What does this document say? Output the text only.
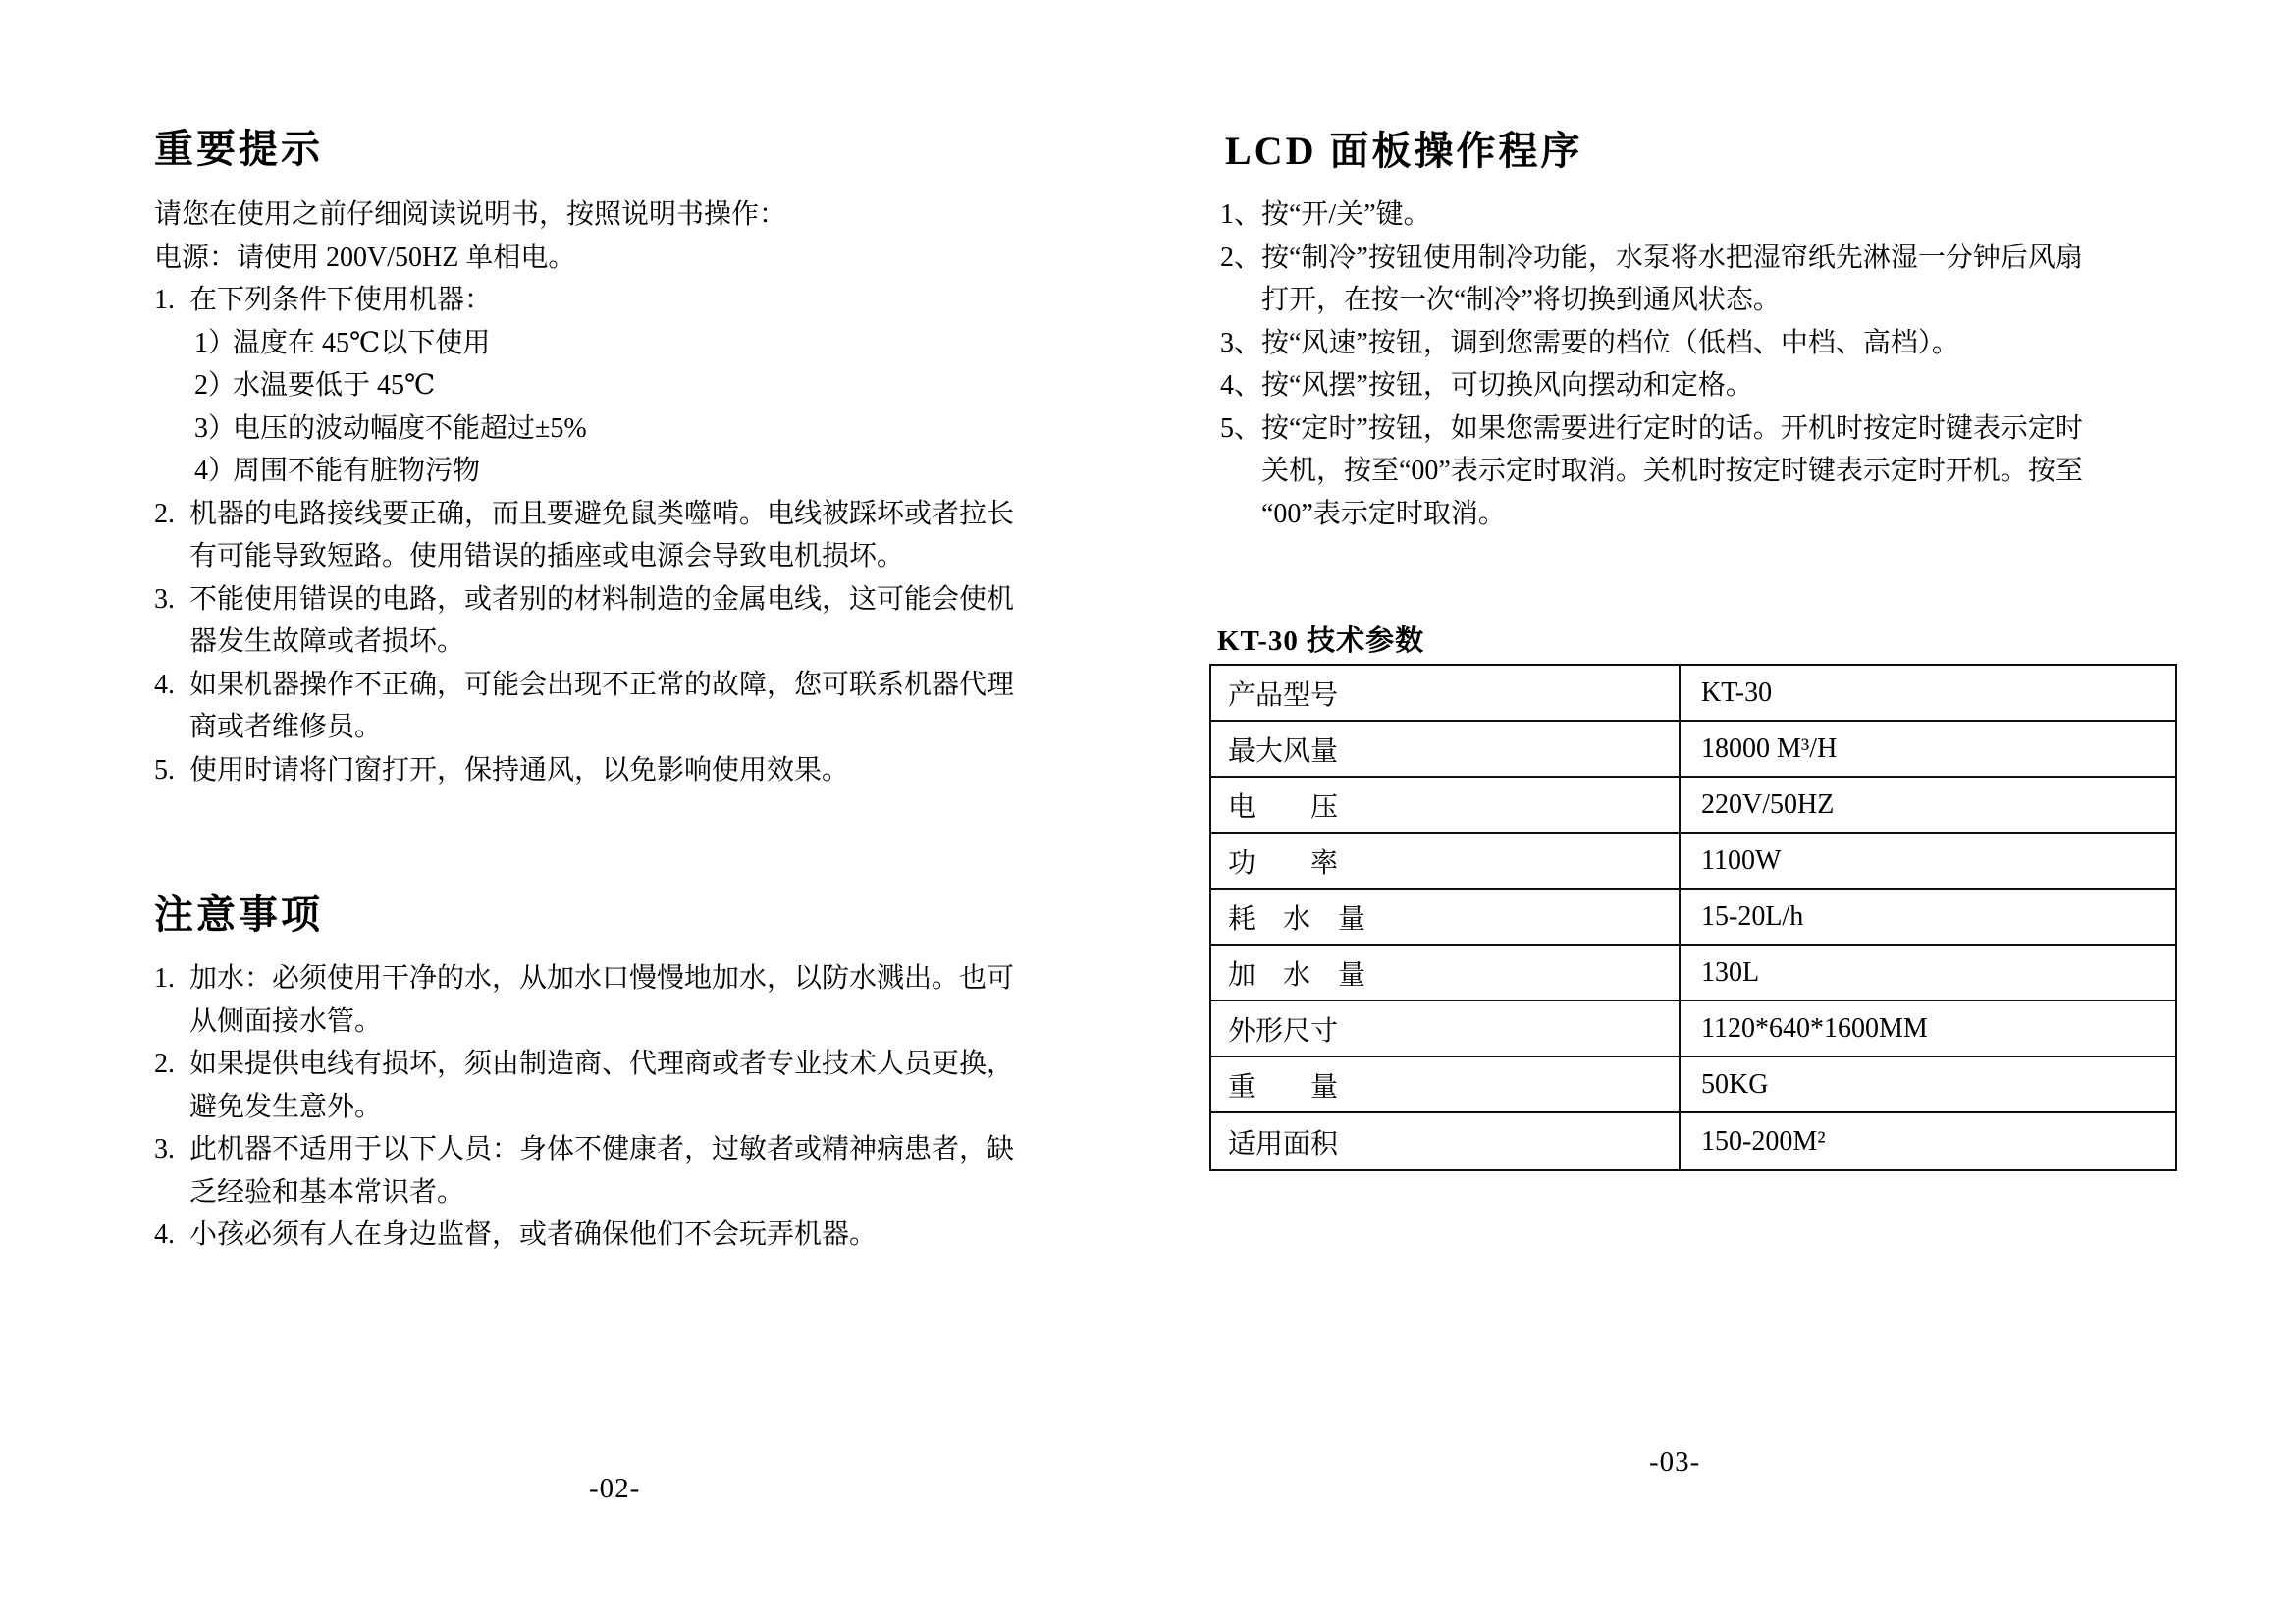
重要提示
请您在使用之前仔细阅读说明书，按照说明书操作：
电源：请使用 200V/50HZ 单相电。
1. 在下列条件下使用机器：
1）
温度在 45℃以下使用
2）
水温要低于 45℃
3）
电压的波动幅度不能超过±5%
4）
周围不能有脏物污物
2. 机器的电路接线要正确，而且要避免鼠类噬啃。电线被踩坏或者拉长
有可能导致短路。使用错误的插座或电源会导致电机损坏。
3. 不能使用错误的电路，或者别的材料制造的金属电线，这可能会使机
器发生故障或者损坏。
4. 如果机器操作不正确，可能会出现不正常的故障，您可联系机器代理
商或者维修员。
5. 使用时请将门窗打开，保持通风，以免影响使用效果。
注意事项
1. 加水：必须使用干净的水，从加水口慢慢地加水，以防水溅出。也可
从侧面接水管。
2. 如果提供电线有损坏，须由制造商、代理商或者专业技术人员更换，
避免发生意外。
3. 此机器不适用于以下人员：身体不健康者，过敏者或精神病患者，缺
乏经验和基本常识者。
4. 小孩必须有人在身边监督，或者确保他们不会玩弄机器。
-02-
LCD 面板操作程序
1、 按“开/关”键。
2、 按“制冷”按钮使用制冷功能，水泵将水把湿帘纸先淋湿一分钟后风扇
打开，在按一次“制冷”将切换到通风状态。
3、 按“风速”按钮，调到您需要的档位（低档、中档、高档）。
4、 按“风摆”按钮，可切换风向摆动和定格。
5、 按“定时”按钮，如果您需要进行定时的话。开机时按定时键表示定时
关机，按至“00”表示定时取消。关机时按定时键表示定时开机。按至
“00”表示定时取消。
KT-30 技术参数
产品型号	KT-30
最大风量	18000 M³/H
电　　压	220V/50HZ
功　　率	1100W
耗　水　量	15-20L/h
加　水　量	130L
外形尺寸	1120*640*1600MM
重　　量	50KG
适用面积	150-200M²
-03-
